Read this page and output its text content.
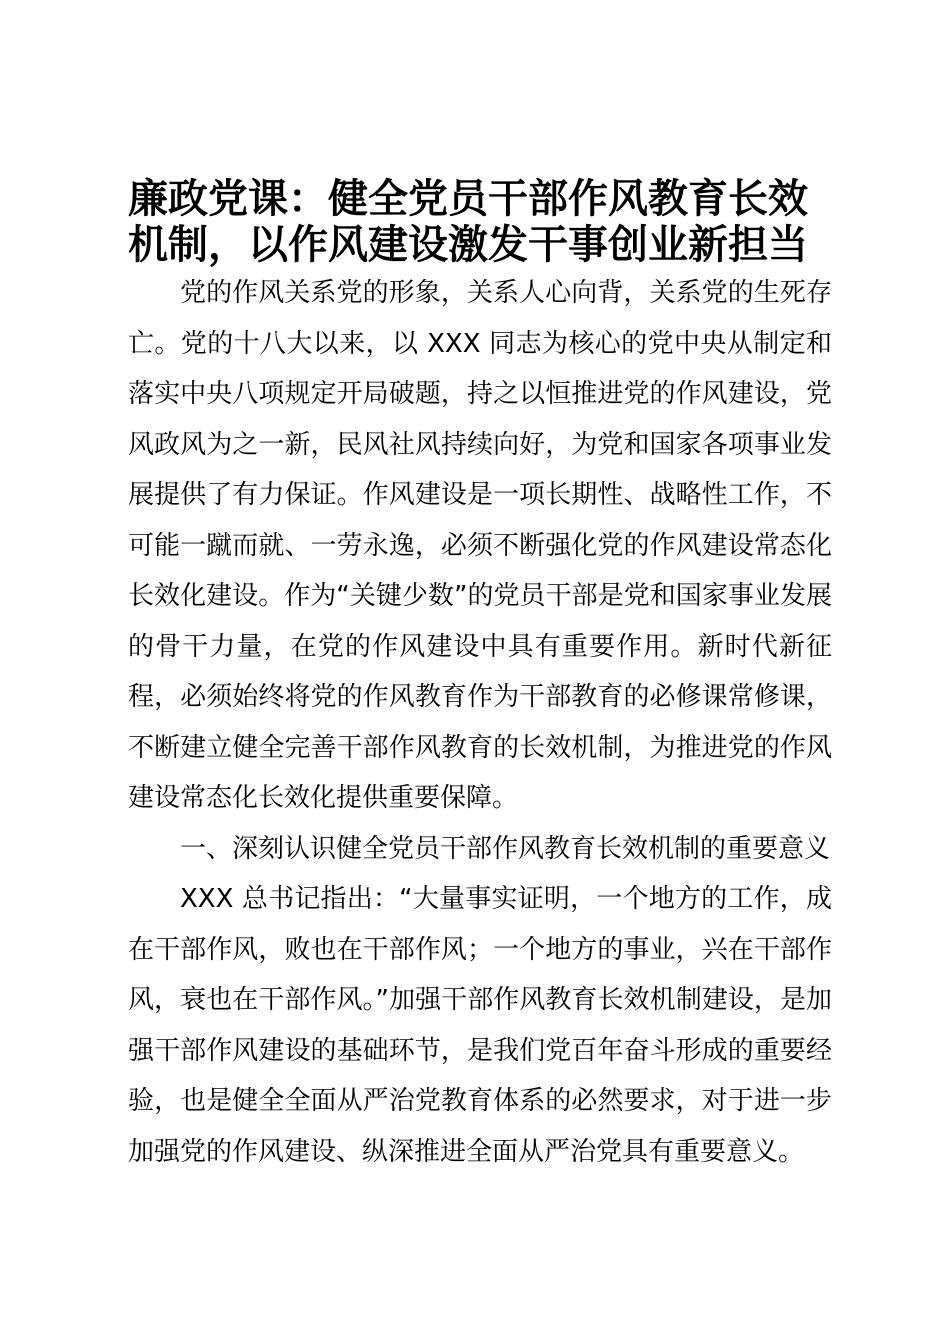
廉政党课：健全党员干部作风教育长效
机制，以作风建设激发干事创业新担当

党的作风关系党的形象，关系人心向背，关系党的生死存亡。党的十八大以来，以 XXX 同志为核心的党中央从制定和落实中央八项规定开局破题，持之以恒推进党的作风建设，党风政风为之一新，民风社风持续向好，为党和国家各项事业发展提供了有力保证。作风建设是一项长期性、战略性工作，不可能一蹴而就、一劳永逸，必须不断强化党的作风建设常态化长效化建设。作为“关键少数”的党员干部是党和国家事业发展的骨干力量，在党的作风建设中具有重要作用。新时代新征程，必须始终将党的作风教育作为干部教育的必修课常修课，不断建立健全完善干部作风教育的长效机制，为推进党的作风建设常态化长效化提供重要保障。

一、深刻认识健全党员干部作风教育长效机制的重要意义

XXX 总书记指出：“大量事实证明，一个地方的工作，成在干部作风，败也在干部作风；一个地方的事业，兴在干部作风，衰也在干部作风。”加强干部作风教育长效机制建设，是加强干部作风建设的基础环节，是我们党百年奋斗形成的重要经验，也是健全全面从严治党教育体系的必然要求，对于进一步加强党的作风建设、纵深推进全面从严治党具有重要意义。
